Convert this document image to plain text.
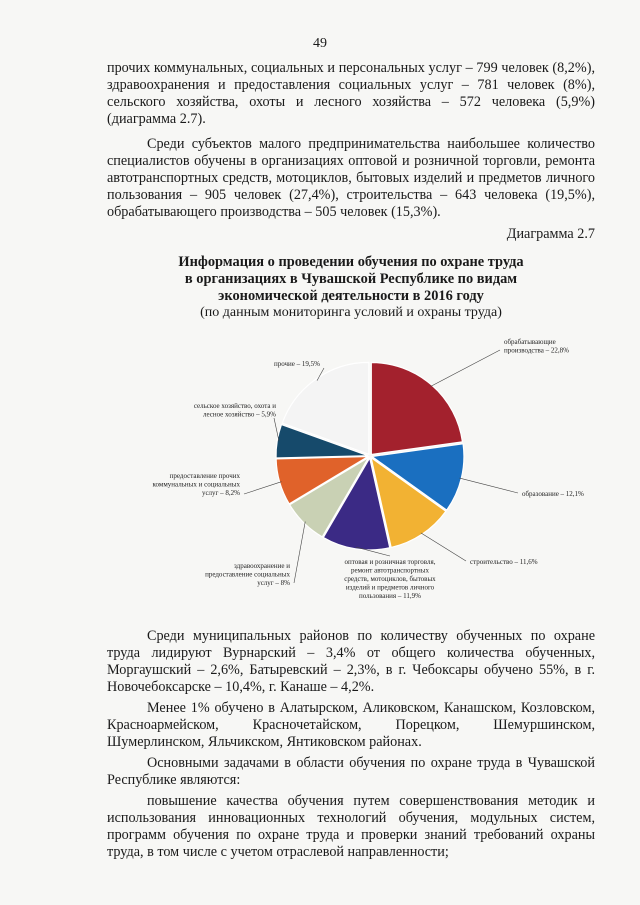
49

прочих коммунальных, социальных и персональных услуг – 799 человек (8,2%), здравоохранения и предоставления социальных услуг – 781 человек (8%), сельского хозяйства, охоты и лесного хозяйства – 572 человека (5,9%) (диаграмма 2.7).

Среди субъектов малого предпринимательства наибольшее количество специалистов обучены в организациях оптовой и розничной торговли, ремонта автотранспортных средств, мотоциклов, бытовых изделий и предметов личного пользования – 905 человек (27,4%), строительства – 643 человека (19,5%), обрабатывающего производства – 505 человек (15,3%).

Диаграмма 2.7
Информация о проведении обучения по охране труда
в организациях в Чувашской Республике по видам
экономической деятельности в 2016 году
(по данным мониторинга условий и охраны труда)
обрабатывающие производства – 22,8%
образование – 12,1%
строительство – 11,6%
оптовая и розничная торговля, ремонт автотранспортных средств, мотоциклов, бытовых изделий и предметов личного пользования – 11,9%
здравоохранение и предоставление социальных услуг – 8%
предоставление прочих коммунальных и социальных услуг – 8,2%
сельское хозяйство, охота и лесное хозяйство – 5,9%
прочие – 19,5%

Среди муниципальных районов по количеству обученных по охране труда лидируют Вурнарский – 3,4% от общего количества обученных, Моргаушский – 2,6%, Батыревский – 2,3%, в г. Чебоксары обучено 55%, в г. Новочебоксарске – 10,4%, г. Канаше – 4,2%.

Менее 1% обучено в Алатырском, Аликовском, Канашском, Козловском, Красноармейском, Красночетайском, Порецком, Шемуршинском, Шумерлинском, Яльчикском, Янтиковском районах.

Основными задачами в области обучения по охране труда в Чувашской Республике являются:

повышение качества обучения путем совершенствования методик и использования инновационных технологий обучения, модульных систем, программ обучения по охране труда и проверки знаний требований охраны труда, в том числе с учетом отраслевой направленности;
